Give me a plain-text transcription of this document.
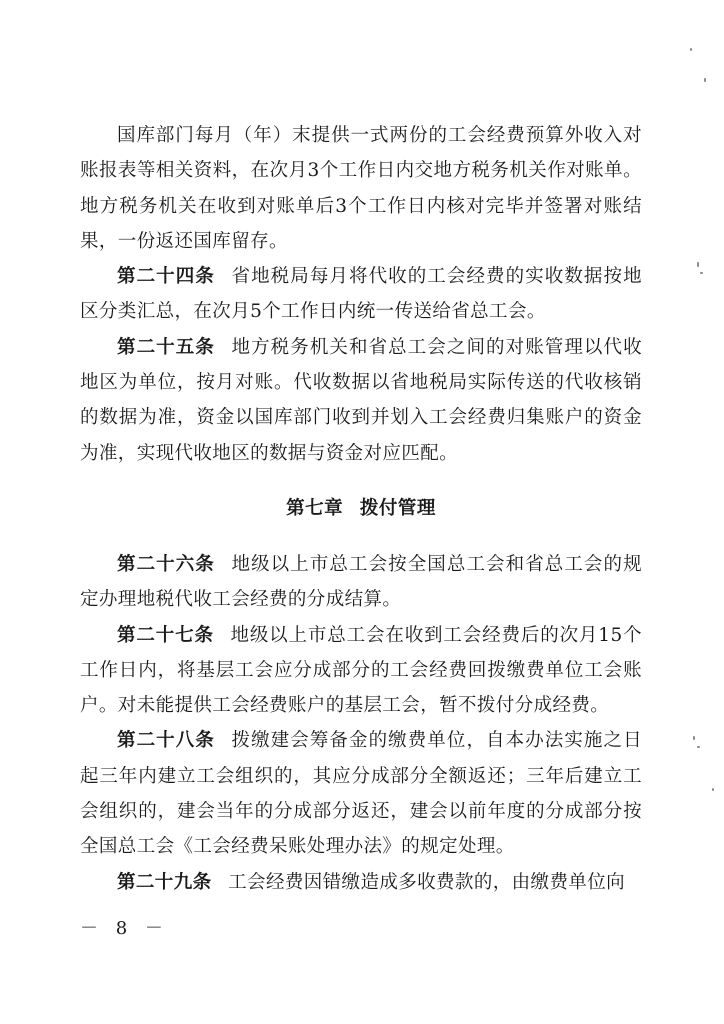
国库部门每月（年）末提供一式两份的工会经费预算外收入对账报表等相关资料，在次月3个工作日内交地方税务机关作对账单。地方税务机关在收到对账单后3个工作日内核对完毕并签署对账结果，一份返还国库留存。

第二十四条 省地税局每月将代收的工会经费的实收数据按地区分类汇总，在次月5个工作日内统一传送给省总工会。

第二十五条 地方税务机关和省总工会之间的对账管理以代收地区为单位，按月对账。代收数据以省地税局实际传送的代收核销的数据为准，资金以国库部门收到并划入工会经费归集账户的资金为准，实现代收地区的数据与资金对应匹配。

第七章 拨付管理

第二十六条 地级以上市总工会按全国总工会和省总工会的规定办理地税代收工会经费的分成结算。

第二十七条 地级以上市总工会在收到工会经费后的次月15个工作日内，将基层工会应分成部分的工会经费回拨缴费单位工会账户。对未能提供工会经费账户的基层工会，暂不拨付分成经费。

第二十八条 拨缴建会筹备金的缴费单位，自本办法实施之日起三年内建立工会组织的，其应分成部分全额返还；三年后建立工会组织的，建会当年的分成部分返还，建会以前年度的分成部分按全国总工会《工会经费呆账处理办法》的规定处理。

第二十九条 工会经费因错缴造成多收费款的，由缴费单位向

－ 8 －
